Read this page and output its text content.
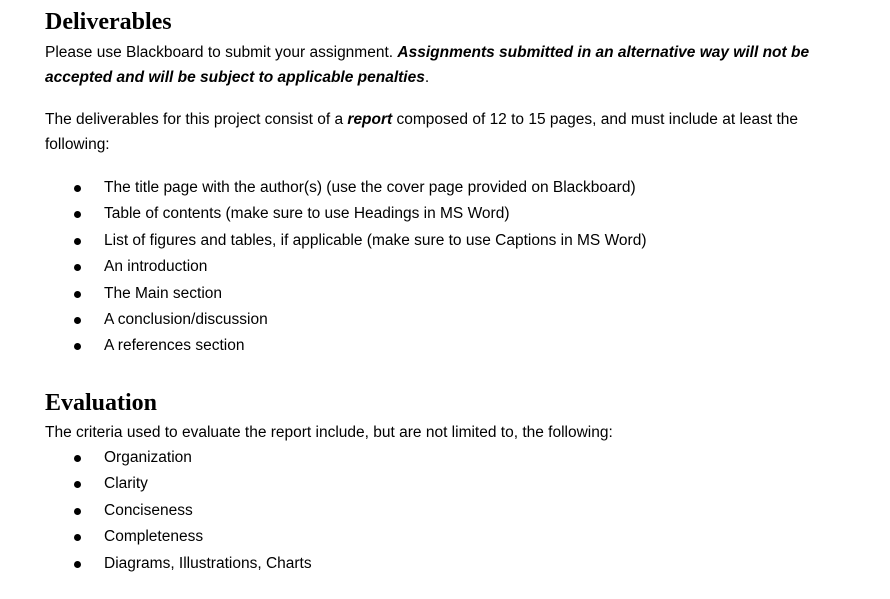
Deliverables

Please use Blackboard to submit your assignment. Assignments submitted in an alternative way will not be accepted and will be subject to applicable penalties.

The deliverables for this project consist of a report composed of 12 to 15 pages, and must include at least the following:

The title page with the author(s) (use the cover page provided on Blackboard)
Table of contents (make sure to use Headings in MS Word)
List of figures and tables, if applicable (make sure to use Captions in MS Word)
An introduction
The Main section
A conclusion/discussion
A references section
Evaluation

The criteria used to evaluate the report include, but are not limited to, the following:

Organization
Clarity
Conciseness
Completeness
Diagrams, Illustrations, Charts
